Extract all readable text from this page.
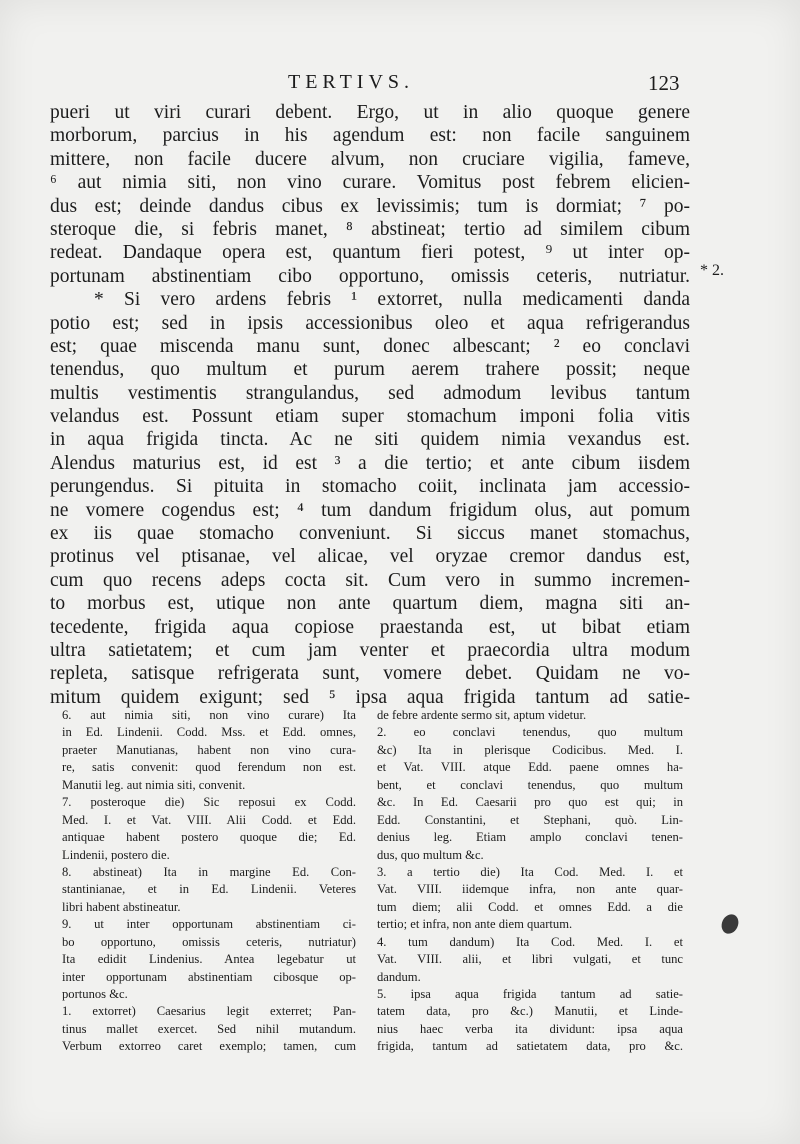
TERTIVS.	123
pueri ut viri curari debent. Ergo, ut in alio quoque genere
morborum, parcius in his agendum est: non facile sanguinem
mittere, non facile ducere alvum, non cruciare vigilia, fameve,
⁶ aut nimia siti, non vino curare. Vomitus post febrem elicien-
dus est; deinde dandus cibus ex levissimis; tum is dormiat; ⁷ po-
steroque die, si febris manet, ⁸ abstineat; tertio ad similem cibum
redeat. Dandaque opera est, quantum fieri potest, ⁹ ut inter op-
portunam abstinentiam cibo opportuno, omissis ceteris, nutriatur.
* Si vero ardens febris ¹ extorret, nulla medicamenti danda
potio est; sed in ipsis accessionibus oleo et aqua refrigerandus
est; quae miscenda manu sunt, donec albescant; ² eo conclavi
tenendus, quo multum et purum aerem trahere possit; neque
multis vestimentis strangulandus, sed admodum levibus tantum
velandus est. Possunt etiam super stomachum imponi folia vitis
in aqua frigida tincta. Ac ne siti quidem nimia vexandus est.
Alendus maturius est, id est ³ a die tertio; et ante cibum iisdem
perungendus. Si pituita in stomacho coiit, inclinata jam accessio-
ne vomere cogendus est; ⁴ tum dandum frigidum olus, aut pomum
ex iis quae stomacho conveniunt. Si siccus manet stomachus,
protinus vel ptisanae, vel alicae, vel oryzae cremor dandus est,
cum quo recens adeps cocta sit. Cum vero in summo incremen-
to morbus est, utique non ante quartum diem, magna siti an-
tecedente, frigida aqua copiose praestanda est, ut bibat etiam
ultra satietatem; et cum jam venter et praecordia ultra modum
repleta, satisque refrigerata sunt, vomere debet. Quidam ne vo-
mitum quidem exigunt; sed ⁵ ipsa aqua frigida tantum ad satie-
* 2.
6. aut nimia siti, non vino curare) Ita
in Ed. Lindenii. Codd. Mss. et Edd. omnes,
praeter Manutianas, habent non vino cura-
re, satis convenit: quod ferendum non est.
Manutii leg. aut nimia siti, convenit.
7. posteroque die) Sic reposui ex Codd.
Med. I. et Vat. VIII. Alii Codd. et Edd.
antiquae habent postero quoque die; Ed.
Lindenii, postero die.
8. abstineat) Ita in margine Ed. Con-
stantinianae, et in Ed. Lindenii. Veteres
libri habent abstineatur.
9. ut inter opportunam abstinentiam ci-
bo opportuno, omissis ceteris, nutriatur)
Ita edidit Lindenius. Antea legebatur ut
inter opportunam abstinentiam cibosque op-
portunos &c.
1. extorret) Caesarius legit exterret; Pan-
tinus mallet exercet. Sed nihil mutandum.
Verbum extorreo caret exemplo; tamen, cum
de febre ardente sermo sit, aptum videtur.
2. eo conclavi tenendus, quo multum
&c) Ita in plerisque Codicibus. Med. I.
et Vat. VIII. atque Edd. paene omnes ha-
bent, et conclavi tenendus, quo multum
&c. In Ed. Caesarii pro quo est qui; in
Edd. Constantini, et Stephani, quò. Lin-
denius leg. Etiam amplo conclavi tenen-
dus, quo multum &c.
3. a tertio die) Ita Cod. Med. I. et
Vat. VIII. iidemque infra, non ante quar-
tum diem; alii Codd. et omnes Edd. a die
tertio; et infra, non ante diem quartum.
4. tum dandum) Ita Cod. Med. I. et
Vat. VIII. alii, et libri vulgati, et tunc
dandum.
5. ipsa aqua frigida tantum ad satie-
tatem data, pro &c.) Manutii, et Linde-
nius haec verba ita dividunt: ipsa aqua
frigida, tantum ad satietatem data, pro &c.
